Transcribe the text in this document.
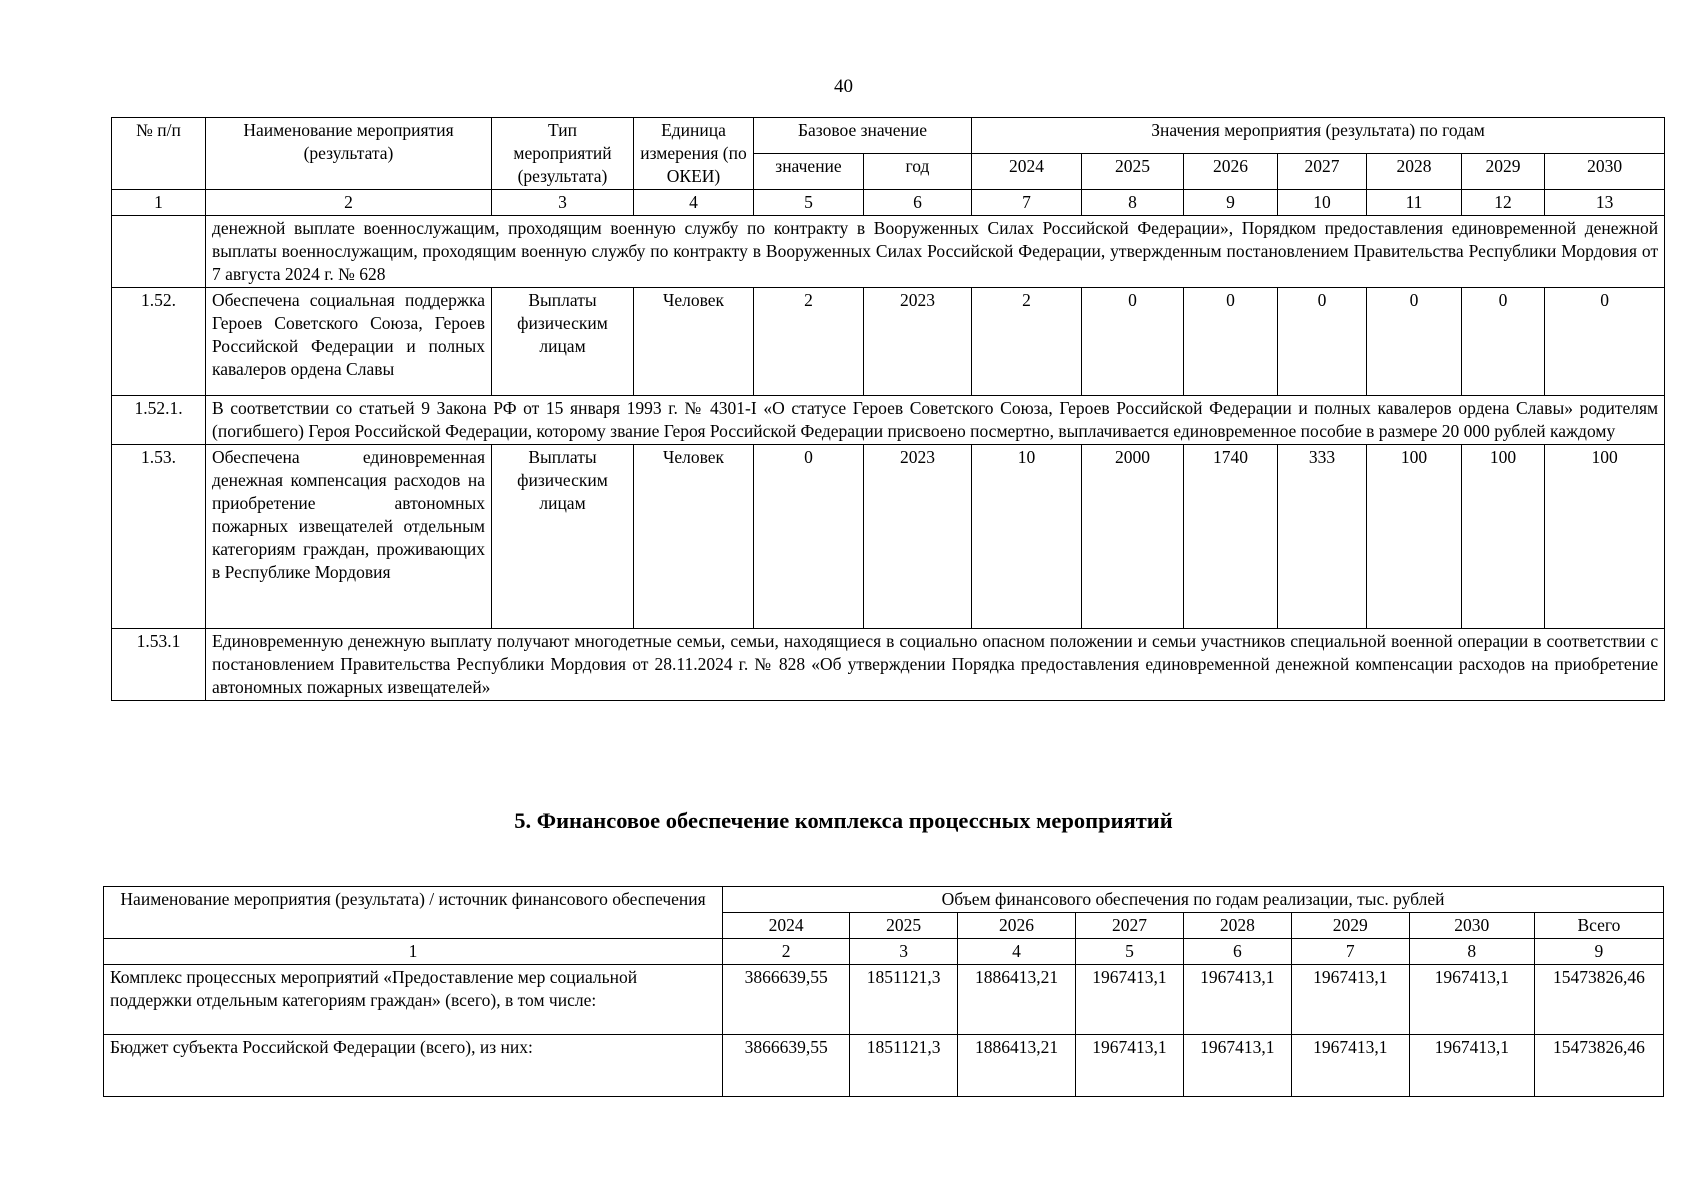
40
№ п/п	Наименование мероприятия (результата)	Тип мероприятий (результата)	Единица измерения (по ОКЕИ)	Базовое значение		Значения мероприятия (результата) по годам						
				значение	год	2024	2025	2026	2027	2028	2029	2030
1	2	3	4	5	6	7	8	9	10	11	12	13
	денежной выплате военнослужащим, проходящим военную службу по контракту в Вооруженных Силах Российской Федерации», Порядком предоставления единовременной денежной выплаты военнослужащим, проходящим военную службу по контракту в Вооруженных Силах Российской Федерации, утвержденным постановлением Правительства Республики Мордовия от 7 августа 2024 г. № 628											
1.52.	Обеспечена социальная поддержка Героев Советского Союза, Героев Российской Федерации и полных кавалеров ордена Славы	Выплаты физическим лицам	Человек	2	2023	2	0	0	0	0	0	0
1.52.1.	В соответствии со статьей 9 Закона РФ от 15 января 1993 г. № 4301-I «О статусе Героев Советского Союза, Героев Российской Федерации и полных кавалеров ордена Славы» родителям (погибшего) Героя Российской Федерации, которому звание Героя Российской Федерации присвоено посмертно, выплачивается единовременное пособие в размере 20 000 рублей каждому											
1.53.	Обеспечена единовременная денежная компенсация расходов на приобретение автономных пожарных извещателей отдельным категориям граждан, проживающих в Республике Мордовия	Выплаты физическим лицам	Человек	0	2023	10	2000	1740	333	100	100	100
1.53.1	Единовременную денежную выплату получают многодетные семьи, семьи, находящиеся в социально опасном положении и семьи участников специальной военной операции в соответствии с постановлением Правительства Республики Мордовия от 28.11.2024 г. № 828 «Об утверждении Порядка предоставления единовременной денежной компенсации расходов на приобретение автономных пожарных извещателей»											
5. Финансовое обеспечение комплекса процессных мероприятий
Наименование мероприятия (результата) / источник финансового обеспечения	Объем финансового обеспечения по годам реализации, тыс. рублей							
	2024	2025	2026	2027	2028	2029	2030	Всего
1	2	3	4	5	6	7	8	9
Комплекс процессных мероприятий «Предоставление мер социальной поддержки отдельным категориям граждан» (всего), в том числе:	3866639,55	1851121,3	1886413,21	1967413,1	1967413,1	1967413,1	1967413,1	15473826,46
Бюджет субъекта Российской Федерации (всего), из них:	3866639,55	1851121,3	1886413,21	1967413,1	1967413,1	1967413,1	1967413,1	15473826,46
